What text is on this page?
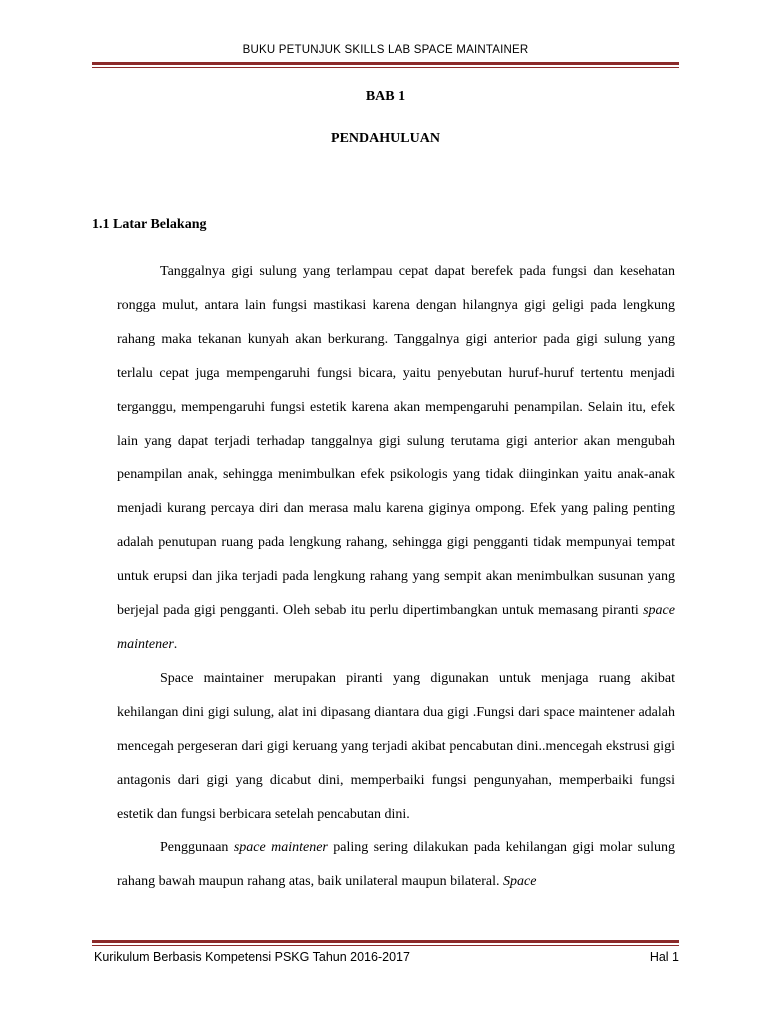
BUKU PETUNJUK SKILLS LAB SPACE MAINTAINER
BAB 1
PENDAHULUAN
1.1 Latar Belakang

Tanggalnya gigi sulung yang terlampau cepat dapat berefek pada fungsi dan kesehatan rongga mulut, antara lain fungsi mastikasi karena dengan hilangnya gigi geligi pada lengkung rahang maka tekanan kunyah akan berkurang. Tanggalnya gigi anterior pada gigi sulung yang terlalu cepat juga mempengaruhi fungsi bicara, yaitu penyebutan huruf-huruf tertentu menjadi terganggu, mempengaruhi fungsi estetik karena akan mempengaruhi penampilan. Selain itu, efek lain yang dapat terjadi terhadap tanggalnya gigi sulung terutama gigi anterior akan mengubah penampilan anak, sehingga menimbulkan efek psikologis yang tidak diinginkan yaitu anak-anak menjadi kurang percaya diri dan merasa malu karena giginya ompong. Efek yang paling penting adalah penutupan ruang pada lengkung rahang, sehingga gigi pengganti tidak mempunyai tempat untuk erupsi dan jika terjadi pada lengkung rahang yang sempit akan menimbulkan susunan yang berjejal pada gigi pengganti. Oleh sebab itu perlu dipertimbangkan untuk memasang piranti space maintener.

Space maintainer merupakan piranti yang digunakan untuk menjaga ruang akibat kehilangan dini gigi sulung, alat ini dipasang diantara dua gigi .Fungsi dari space maintener adalah mencegah pergeseran dari gigi keruang yang terjadi akibat pencabutan dini..mencegah ekstrusi gigi antagonis dari gigi yang dicabut dini, memperbaiki fungsi pengunyahan, memperbaiki fungsi estetik dan fungsi berbicara setelah pencabutan dini.

Penggunaan space maintener paling sering dilakukan pada kehilangan gigi molar sulung rahang bawah maupun rahang atas, baik unilateral maupun bilateral. Space

Kurikulum Berbasis Kompetensi PSKG Tahun 2016-2017	Hal 1
